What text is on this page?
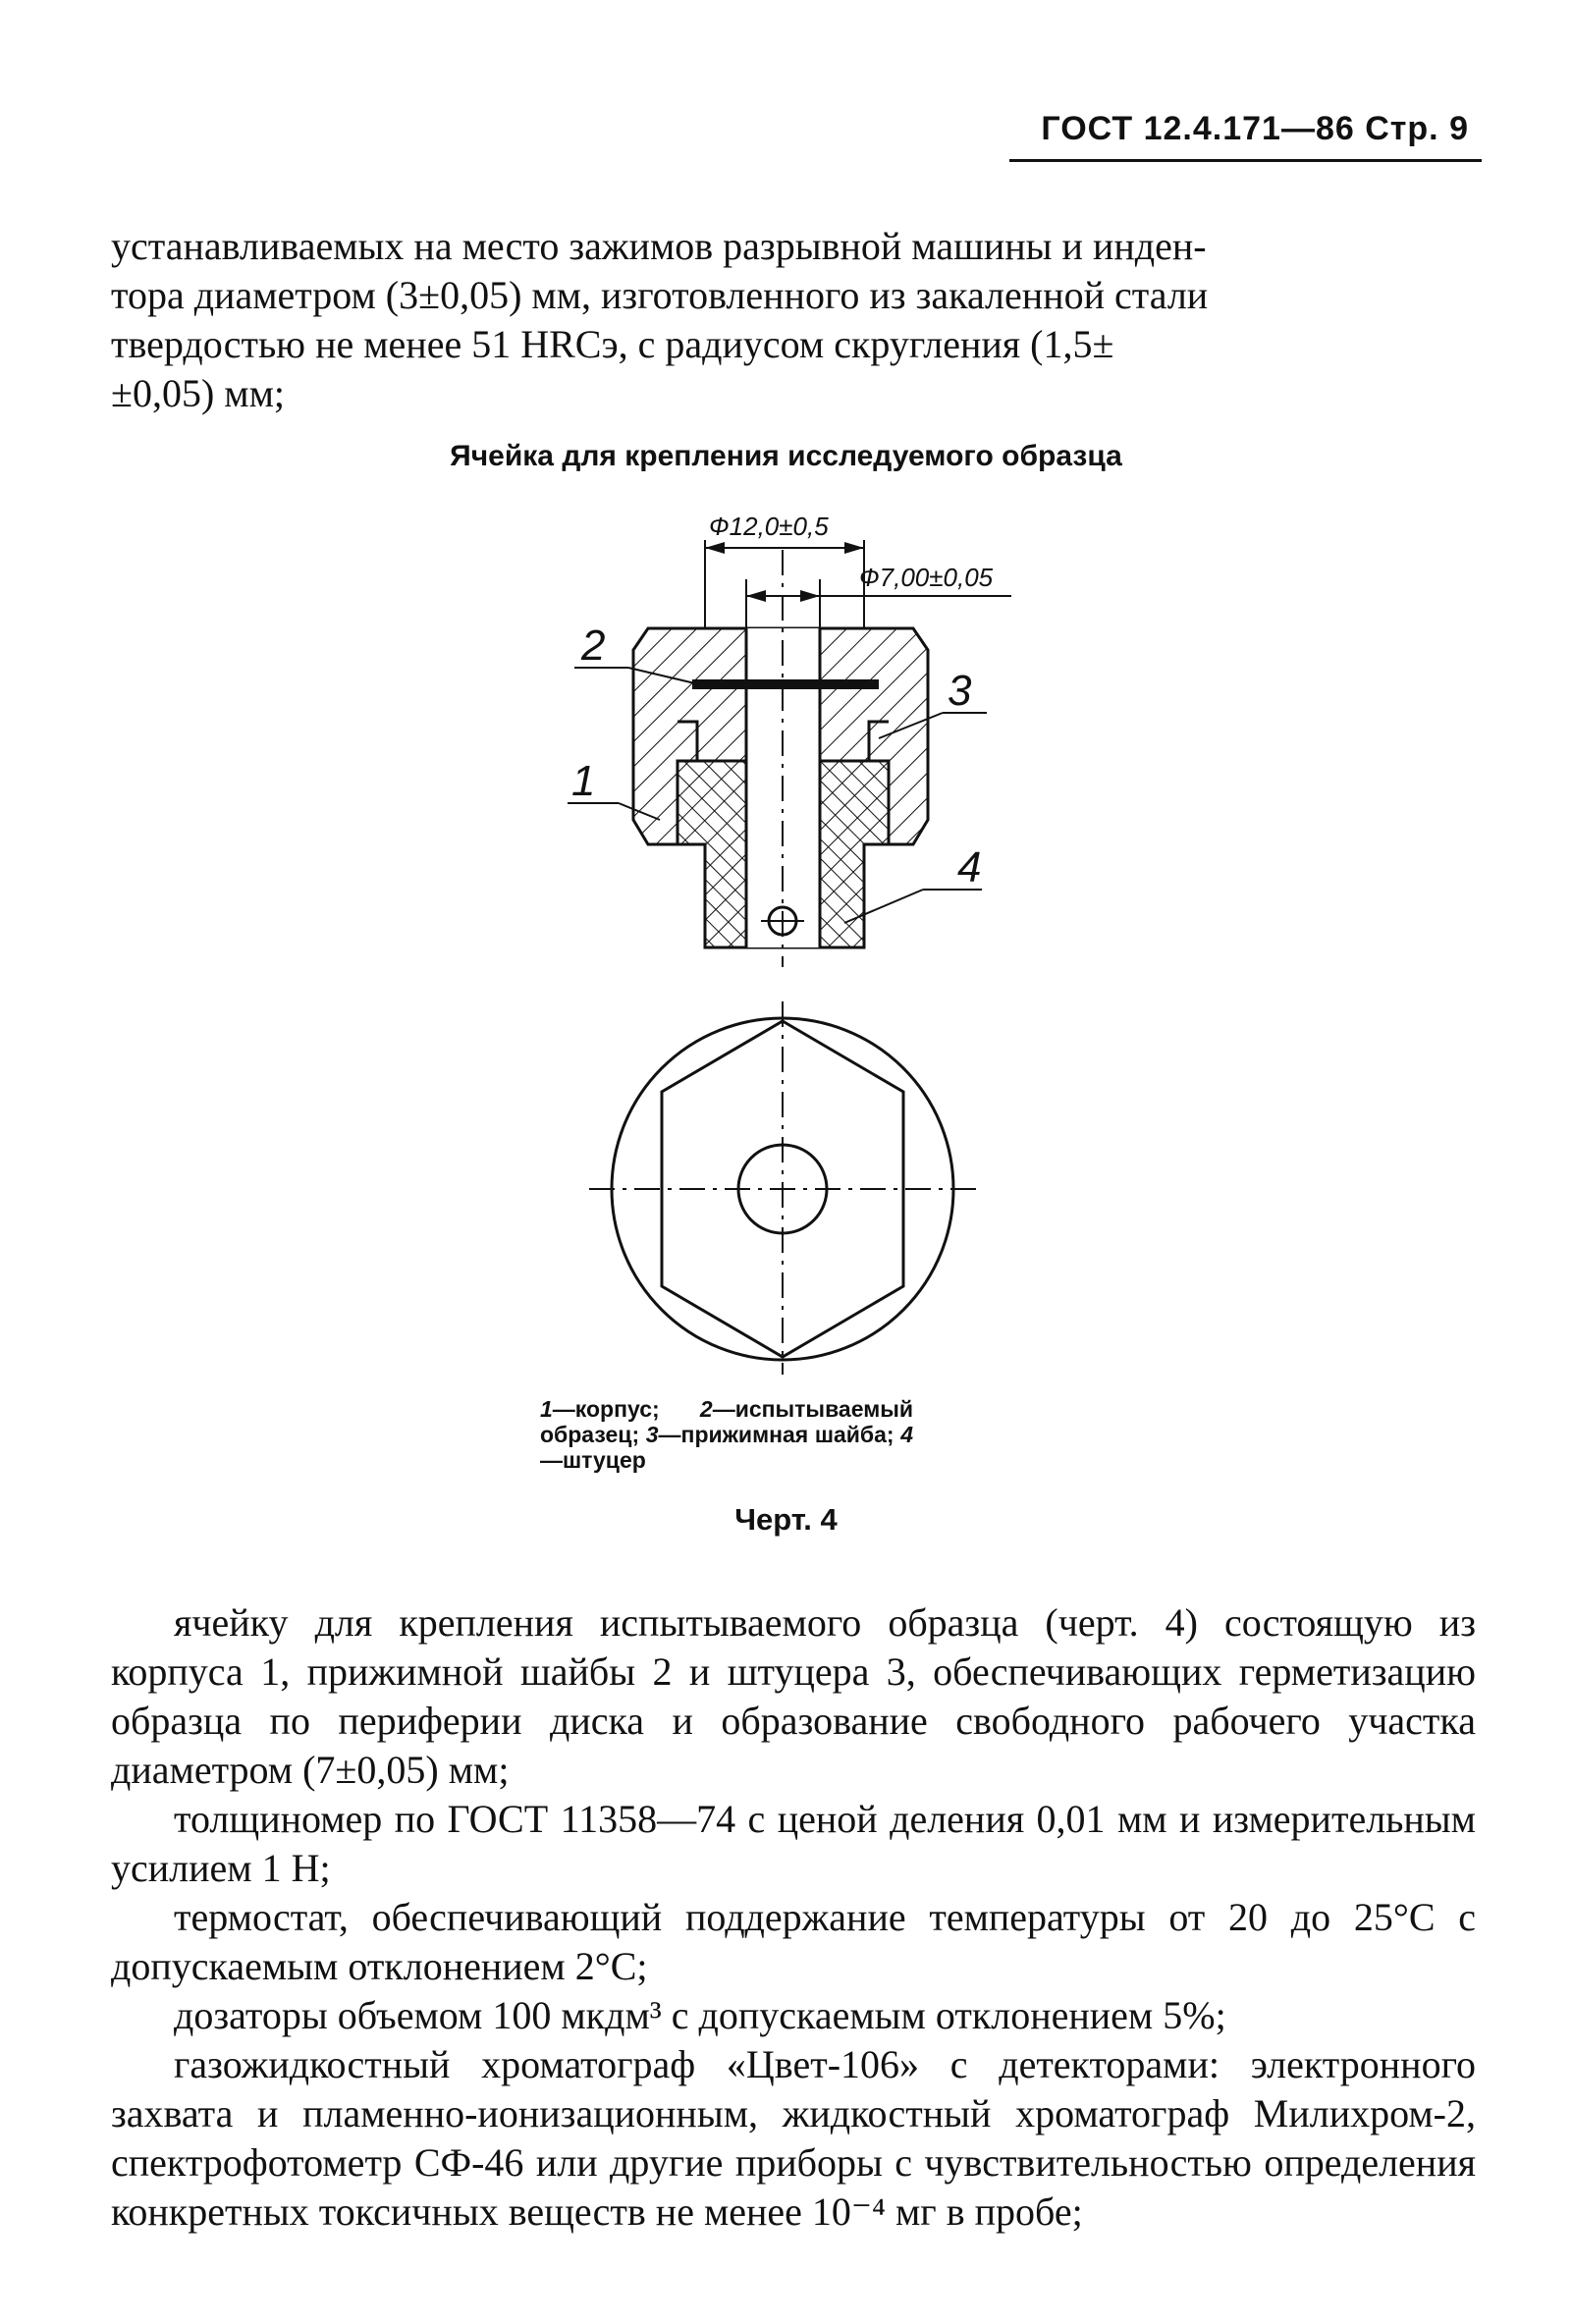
ГОСТ 12.4.171—86 Стр. 9

устанавливаемых на место зажимов разрывной машины и инден-

тора диаметром (3±0,05) мм, изготовленного из закаленной стали

твердостью не менее 51 HRCэ, с радиусом скругления (1,5±

±0,05) мм;

Ячейка для крепления исследуемого образца
Ф12,0±0,5
Ф7,00±0,05
1
2
3
4
1—корпус; 2—испытываемый образец; 3—прижимная шайба; 4—штуцер
Черт. 4

ячейку для крепления испытываемого образца (черт. 4) состоящую из корпуса 1, прижимной шайбы 2 и штуцера 3, обеспечивающих герметизацию образца по периферии диска и образование свободного рабочего участка диаметром (7±0,05) мм;

толщиномер по ГОСТ 11358—74 с ценой деления 0,01 мм и измерительным усилием 1 Н;

термостат, обеспечивающий поддержание температуры от 20 до 25°С с допускаемым отклонением 2°С;

дозаторы объемом 100 мкдм³ с допускаемым отклонением 5%;

газожидкостный хроматограф «Цвет-106» с детекторами: электронного захвата и пламенно-ионизационным, жидкостный хроматограф Милихром-2, спектрофотометр СФ-46 или другие приборы с чувствительностью определения конкретных токсичных веществ не менее 10⁻⁴ мг в пробе;
